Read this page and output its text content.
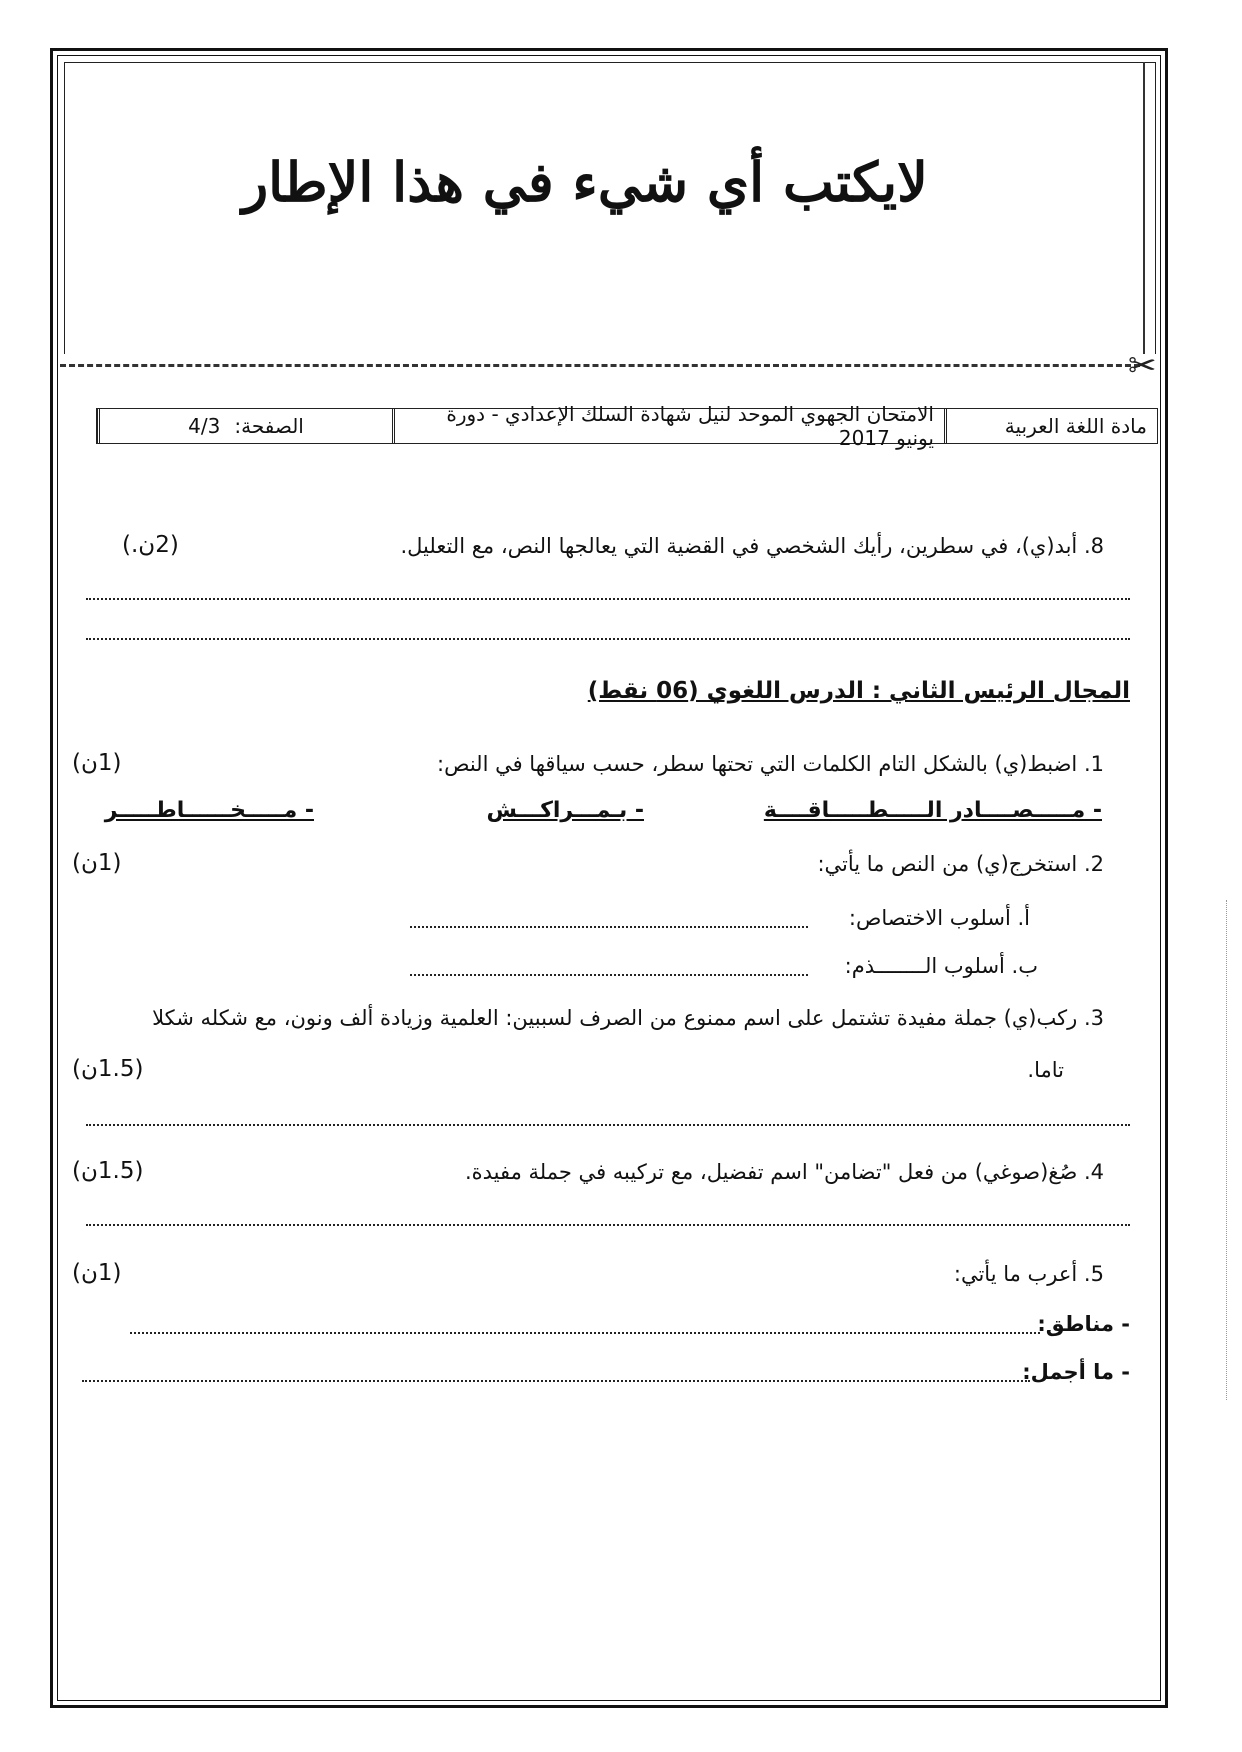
لايكتب أي شيء في هذا الإطار
✂
مادة اللغة العربية
الامتحان الجهوي الموحد لنيل شهادة السلك الإعدادي - دورة يونيو 2017
الصفحة:
4/3
8. أبد(ي)، في سطرين، رأيك الشخصي في القضية التي يعالجها النص، مع التعليل.
(2ن.)
المجال الرئيس الثاني : الدرس اللغوي (06 نقط)
1. اضبط(ي) بالشكل التام الكلمات التي تحتها سطر، حسب سياقها في النص:
(1ن)
- مـــــصــــادر الـــــطـــــاقــــة
- بـمـــراكـــش
- مـــــخــــــاطـــــر
2. استخرج(ي) من النص ما يأتي:
(1ن)
أ. أسلوب الاختصاص:
ب. أسلوب الــــــــذم:
3. ركب(ي) جملة مفيدة تشتمل على اسم ممنوع من الصرف لسببين: العلمية وزيادة ألف ونون، مع شكله شكلا
تاما.
(1.5ن)
4. صُغ(صوغي) من فعل "تضامن" اسم تفضيل، مع تركيبه في جملة مفيدة.
(1.5ن)
5. أعرب ما يأتي:
(1ن)
- مناطق:
- ما أجمل:
